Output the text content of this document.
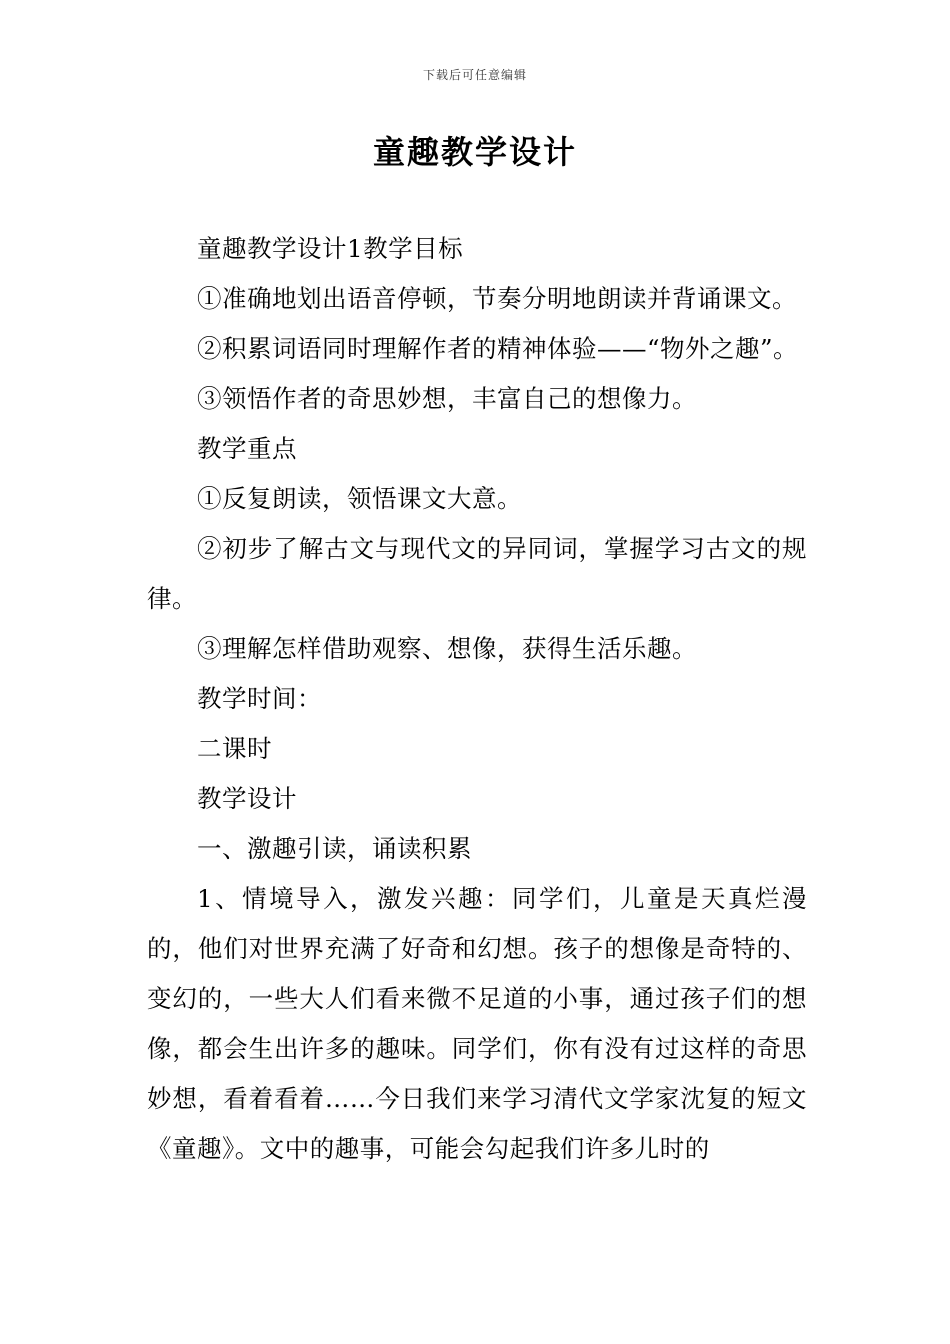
下载后可任意编辑
童趣教学设计

童趣教学设计1教学目标

①准确地划出语音停顿，节奏分明地朗读并背诵课文。

②积累词语同时理解作者的精神体验——“物外之趣”。

③领悟作者的奇思妙想，丰富自己的想像力。

教学重点

①反复朗读，领悟课文大意。

②初步了解古文与现代文的异同词，掌握学习古文的规律。

③理解怎样借助观察、想像，获得生活乐趣。

教学时间：

二课时

教学设计

一、激趣引读，诵读积累

1、情境导入，激发兴趣：同学们，儿童是天真烂漫的，他们对世界充满了好奇和幻想。孩子的想像是奇特的、变幻的，一些大人们看来微不足道的小事，通过孩子们的想像，都会生出许多的趣味。同学们，你有没有过这样的奇思妙想，看着看着……今日我们来学习清代文学家沈复的短文《童趣》。文中的趣事，可能会勾起我们许多儿时的
